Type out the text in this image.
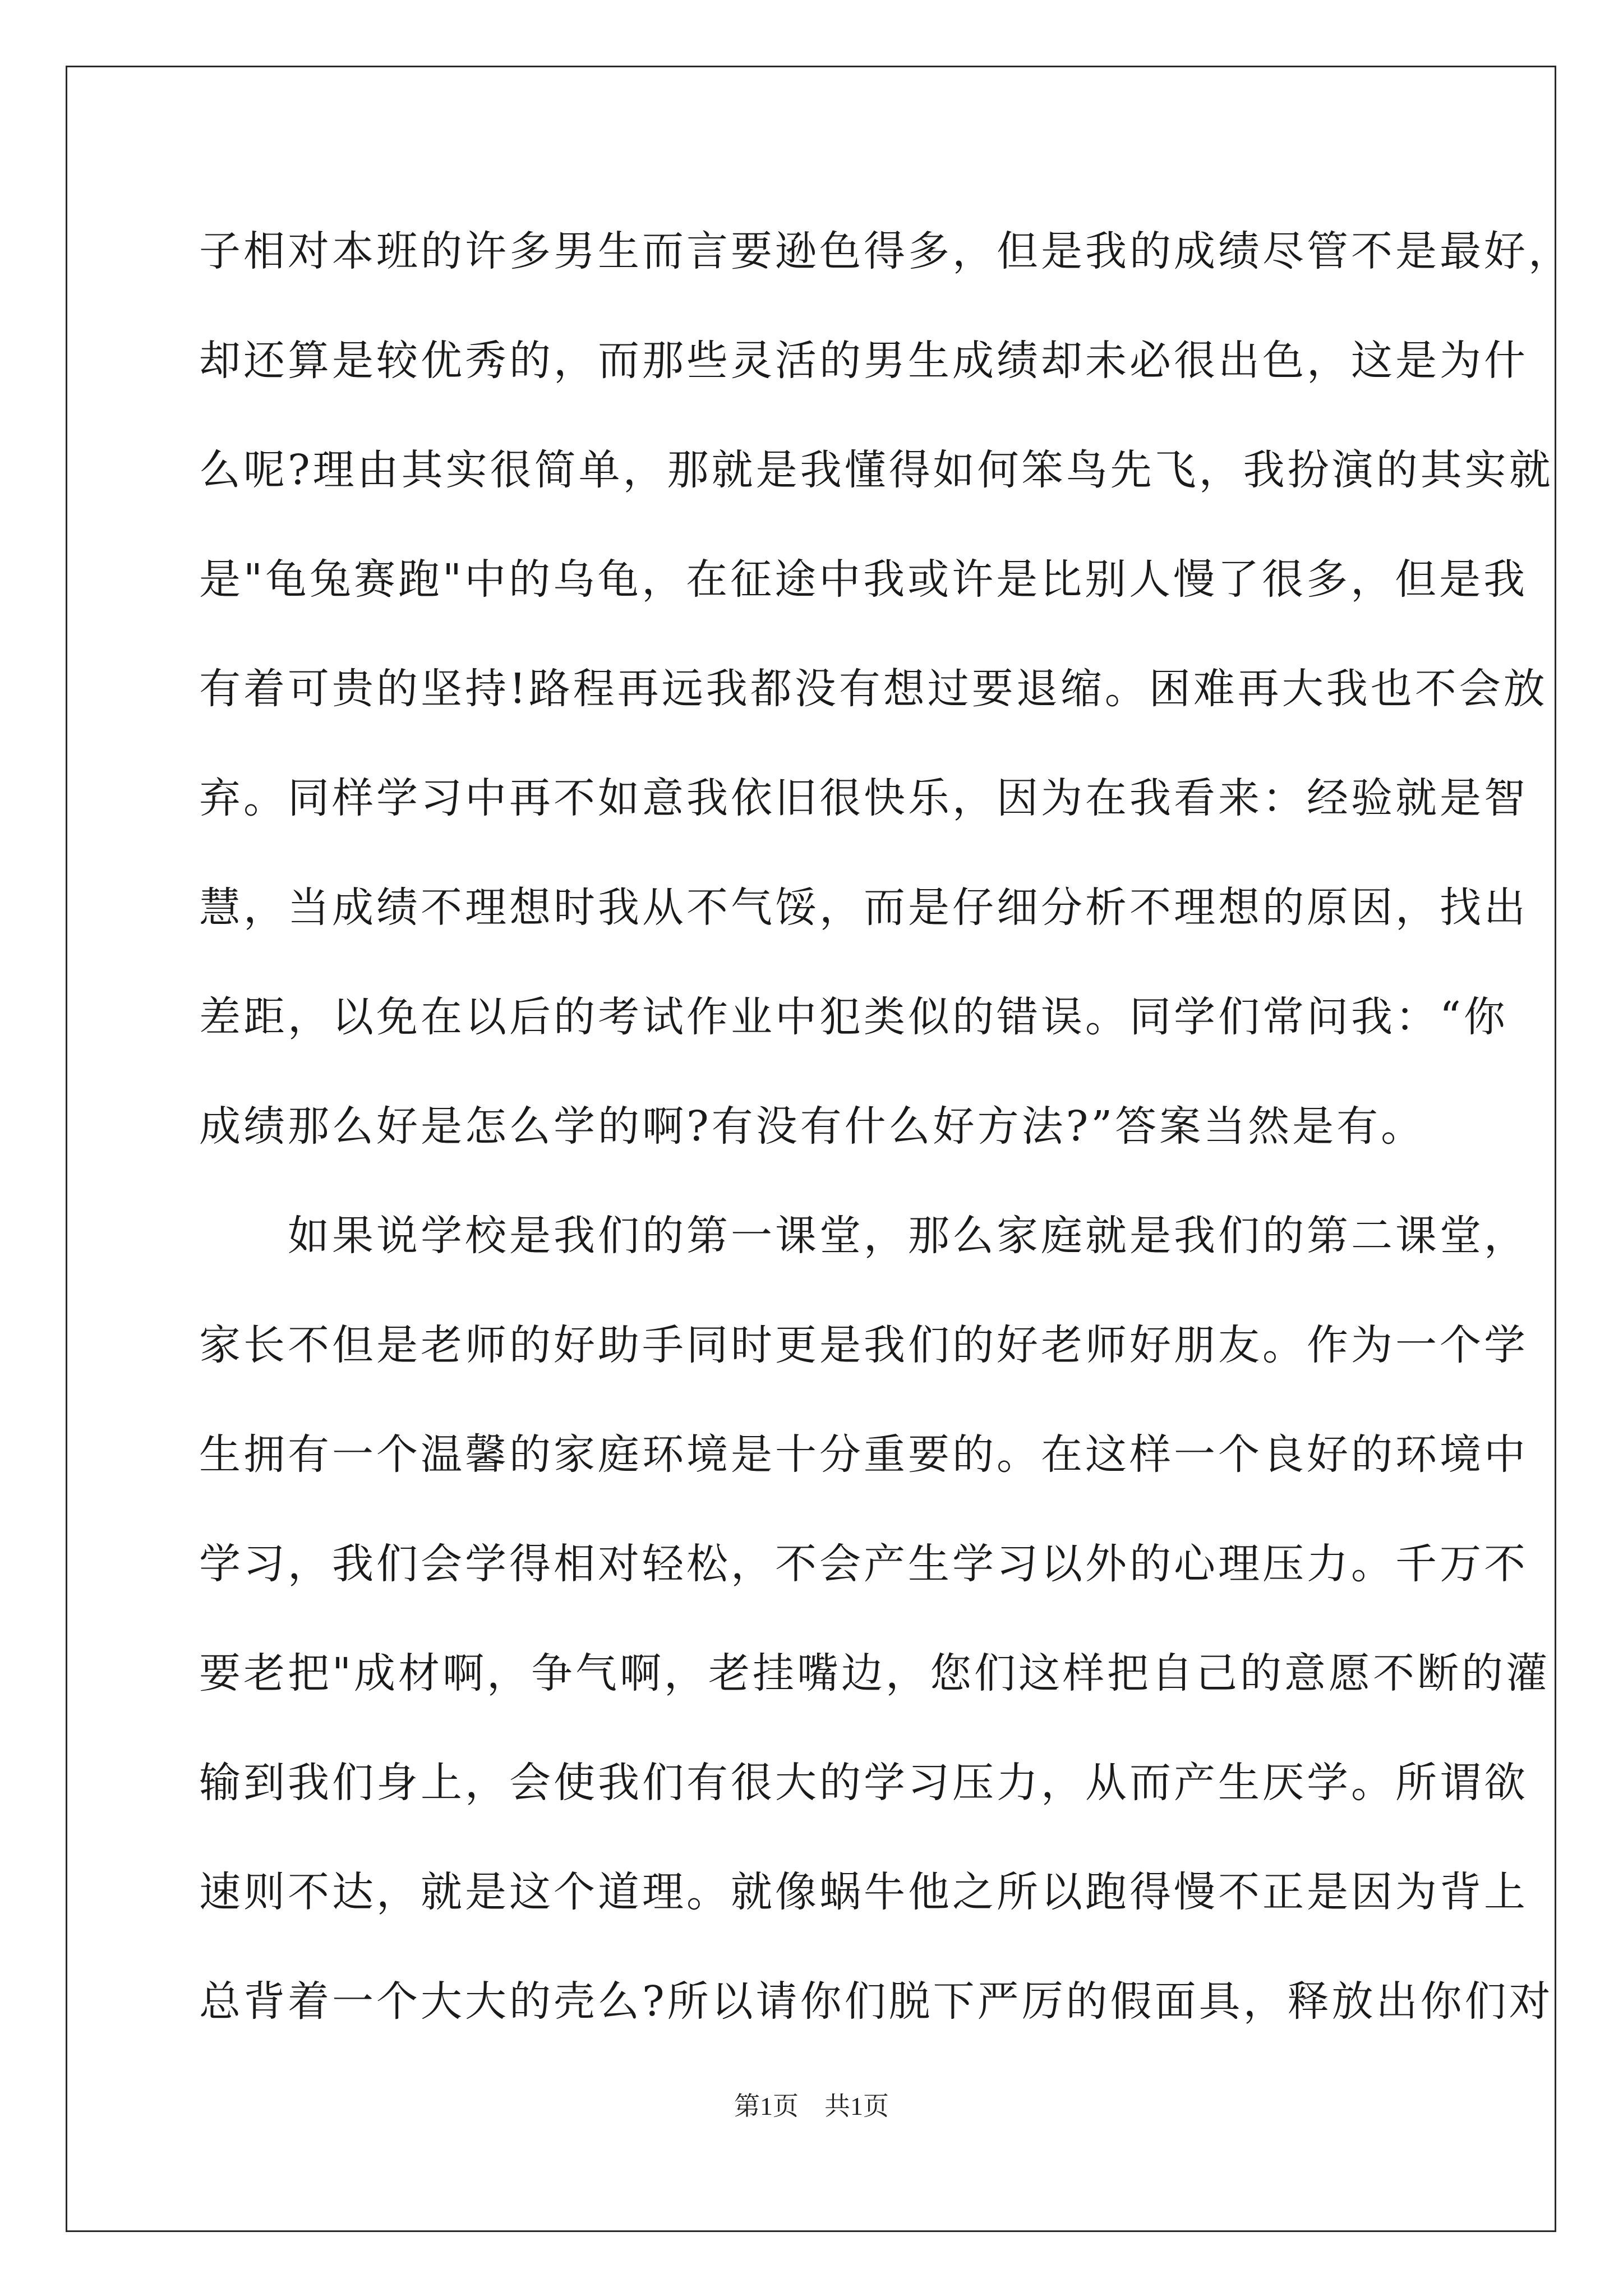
子相对本班的许多男生而言要逊色得多，但是我的成绩尽管不是最好，
却还算是较优秀的，而那些灵活的男生成绩却未必很出色，这是为什
么呢?理由其实很简单，那就是我懂得如何笨鸟先飞，我扮演的其实就
是"龟兔赛跑"中的乌龟，在征途中我或许是比别人慢了很多，但是我
有着可贵的坚持!路程再远我都没有想过要退缩。困难再大我也不会放
弃。同样学习中再不如意我依旧很快乐，因为在我看来：经验就是智
慧，当成绩不理想时我从不气馁，而是仔细分析不理想的原因，找出
差距，以免在以后的考试作业中犯类似的错误。同学们常问我：“你
成绩那么好是怎么学的啊?有没有什么好方法?”答案当然是有。
　　如果说学校是我们的第一课堂，那么家庭就是我们的第二课堂，
家长不但是老师的好助手同时更是我们的好老师好朋友。作为一个学
生拥有一个温馨的家庭环境是十分重要的。在这样一个良好的环境中
学习，我们会学得相对轻松，不会产生学习以外的心理压力。千万不
要老把"成材啊，争气啊，老挂嘴边，您们这样把自己的意愿不断的灌
输到我们身上，会使我们有很大的学习压力，从而产生厌学。所谓欲
速则不达，就是这个道理。就像蜗牛他之所以跑得慢不正是因为背上
总背着一个大大的壳么?所以请你们脱下严厉的假面具，释放出你们对
第1页　共1页
